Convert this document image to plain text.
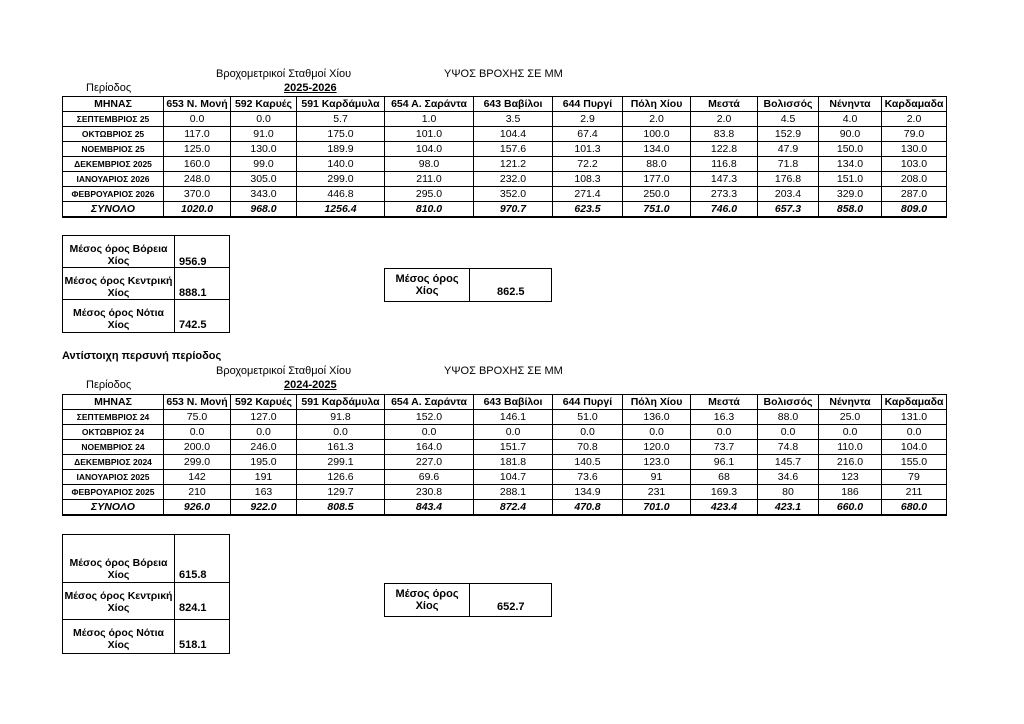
Βροχομετρικοί Σταθμοί Χίου	ΥΨΟΣ ΒΡΟΧΗΣ ΣΕ ΜΜ
Περίοδος	2025-2026
ΜΗΝΑΣ	653 Ν. Μονή	592 Καρυές	591 Καρδάμυλα	654 Α. Σαράντα	643 Βαβίλοι	644 Πυργί	Πόλη Χίου	Μεστά	Βολισσός	Νένηντα	Καρδαμαδα
ΣΕΠΤΕΜΒΡΙΟΣ 25	0.0	0.0	5.7	1.0	3.5	2.9	2.0	2.0	4.5	4.0	2.0
ΟΚΤΩΒΡΙΟΣ 25	117.0	91.0	175.0	101.0	104.4	67.4	100.0	83.8	152.9	90.0	79.0
ΝΟΕΜΒΡΙΟΣ 25	125.0	130.0	189.9	104.0	157.6	101.3	134.0	122.8	47.9	150.0	130.0
ΔΕΚΕΜΒΡΙΟΣ 2025	160.0	99.0	140.0	98.0	121.2	72.2	88.0	116.8	71.8	134.0	103.0
ΙΑΝΟΥΑΡΙΟΣ 2026	248.0	305.0	299.0	211.0	232.0	108.3	177.0	147.3	176.8	151.0	208.0
ΦΕΒΡΟΥΑΡΙΟΣ 2026	370.0	343.0	446.8	295.0	352.0	271.4	250.0	273.3	203.4	329.0	287.0
ΣΥΝΟΛΟ	1020.0	968.0	1256.4	810.0	970.7	623.5	751.0	746.0	657.3	858.0	809.0
Μέσος όρος Βόρεια Χίος	956.9
Μέσος όρος Κεντρική Χίος	888.1
Μέσος όρος Νότια Χίος	742.5
Μέσος όρος Χίος	862.5
Αντίστοιχη περσυνή περίοδος
Βροχομετρικοί Σταθμοί Χίου	ΥΨΟΣ ΒΡΟΧΗΣ ΣΕ ΜΜ
Περίοδος	2024-2025
ΜΗΝΑΣ	653 Ν. Μονή	592 Καρυές	591 Καρδάμυλα	654 Α. Σαράντα	643 Βαβίλοι	644 Πυργί	Πόλη Χίου	Μεστά	Βολισσός	Νένηντα	Καρδαμαδα
ΣΕΠΤΕΜΒΡΙΟΣ 24	75.0	127.0	91.8	152.0	146.1	51.0	136.0	16.3	88.0	25.0	131.0
ΟΚΤΩΒΡΙΟΣ 24	0.0	0.0	0.0	0.0	0.0	0.0	0.0	0.0	0.0	0.0	0.0
ΝΟΕΜΒΡΙΟΣ 24	200.0	246.0	161.3	164.0	151.7	70.8	120.0	73.7	74.8	110.0	104.0
ΔΕΚΕΜΒΡΙΟΣ 2024	299.0	195.0	299.1	227.0	181.8	140.5	123.0	96.1	145.7	216.0	155.0
ΙΑΝΟΥΑΡΙΟΣ 2025	142	191	126.6	69.6	104.7	73.6	91	68	34.6	123	79
ΦΕΒΡΟΥΑΡΙΟΣ 2025	210	163	129.7	230.8	288.1	134.9	231	169.3	80	186	211
ΣΥΝΟΛΟ	926.0	922.0	808.5	843.4	872.4	470.8	701.0	423.4	423.1	660.0	680.0
Μέσος όρος Βόρεια Χίος	615.8
Μέσος όρος Κεντρική Χίος	824.1
Μέσος όρος Νότια Χίος	518.1
Μέσος όρος Χίος	652.7
